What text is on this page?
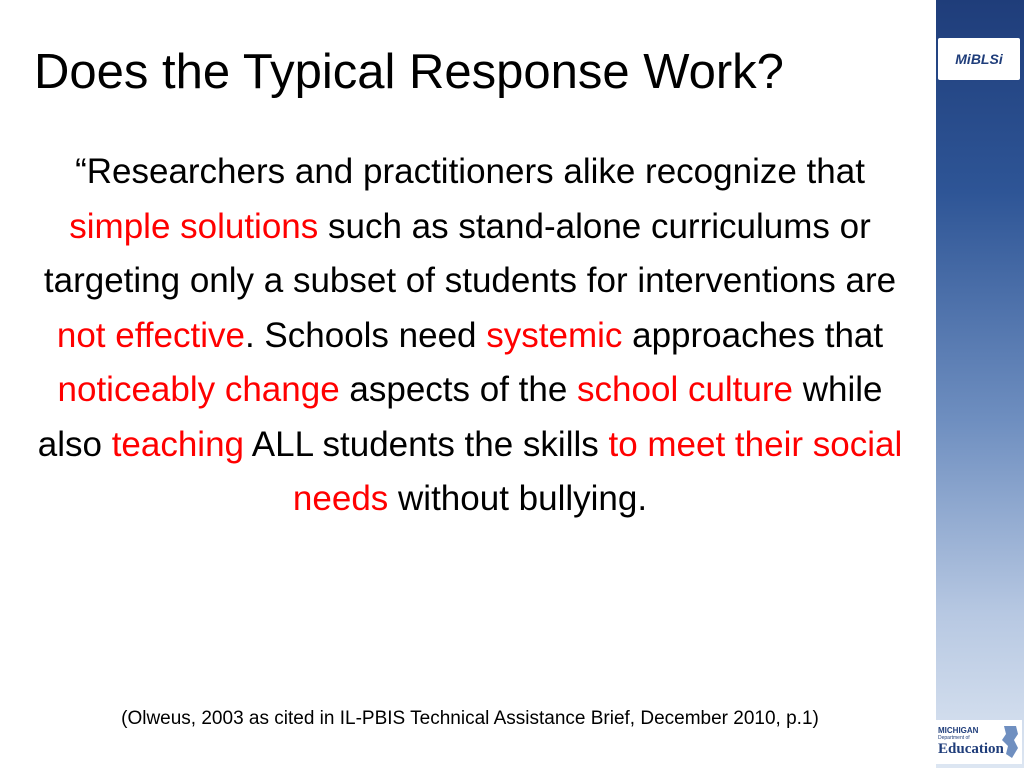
MiBLSi
MICHIGAN
Department of
Education
Does the Typical Response Work?
“Researchers and practitioners alike recognize that simple solutions such as stand-alone curriculums or targeting only a subset of students for interventions are not effective. Schools need systemic approaches that noticeably change aspects of the school culture while also teaching ALL students the skills to meet their social needs without bullying.
(Olweus, 2003 as cited in IL-PBIS Technical Assistance Brief, December 2010, p.1)
